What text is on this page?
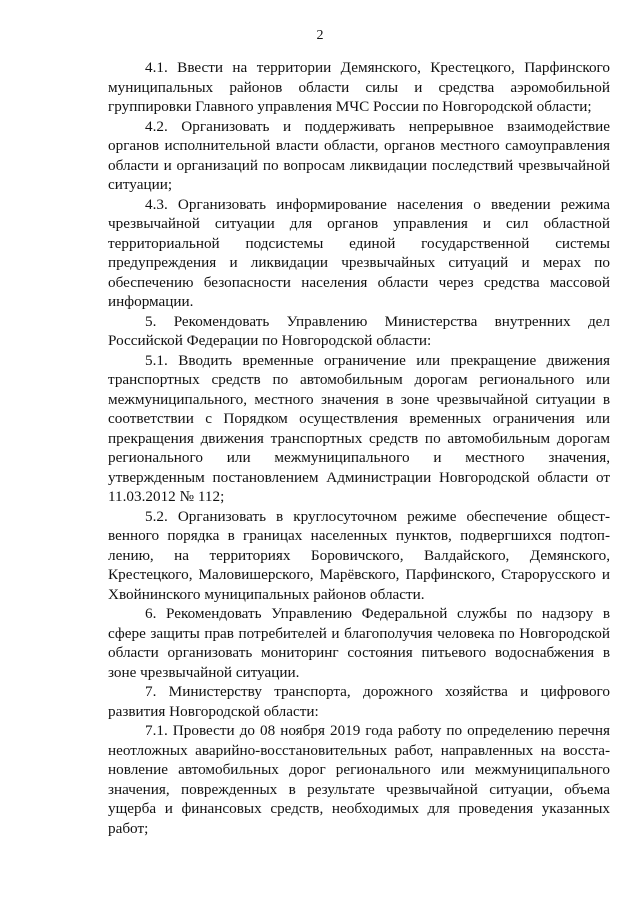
2

4.1. Ввести на территории Демянского, Крестецкого, Парфинского муниципальных районов области силы и средства аэромобильной группировки Главного управления МЧС России по Новгородской области;

4.2. Организовать и поддерживать непрерывное взаимодействие органов исполнительной власти области, органов местного самоуправления области и организаций по вопросам ликвидации последствий чрезвычайной ситуации;

4.3. Организовать информирование населения о введении режима чрезвычайной ситуации для органов управления и сил областной территориальной подсистемы единой государственной системы предупреждения и ликвидации чрезвычайных ситуаций и мерах по обеспечению безопасности населения области через средства массовой информации.

5. Рекомендовать Управлению Министерства внутренних дел Российской Федерации по Новгородской области:

5.1. Вводить временные ограничение или прекращение движения транспортных средств по автомобильным дорогам регионального или межмуниципального, местного значения в зоне чрезвычайной ситуации в соответствии с Порядком осуществления временных ограничения или прекращения движения транспортных средств по автомобильным дорогам регионального или межмуниципального и местного значения, утвержденным постановлением Администрации Новгородской области от 11.03.2012 № 112;

5.2. Организовать в круглосуточном режиме обеспечение общественного порядка в границах населенных пунктов, подвергшихся подтоплению, на территориях Боровичского, Валдайского, Демянского, Крестецкого, Маловишерского, Марёвского, Парфинского, Старорусского и Хвойнинского муниципальных районов области.

6. Рекомендовать Управлению Федеральной службы по надзору в сфере защиты прав потребителей и благополучия человека по Новгородской области организовать мониторинг состояния питьевого водоснабжения в зоне чрезвычайной ситуации.

7. Министерству транспорта, дорожного хозяйства и цифрового развития Новгородской области:

7.1. Провести до 08 ноября 2019 года работу по определению перечня неотложных аварийно-восстановительных работ, направленных на восстановление автомобильных дорог регионального или межмуниципального значения, поврежденных в результате чрезвычайной ситуации, объема ущерба и финансовых средств, необходимых для проведения указанных работ;
